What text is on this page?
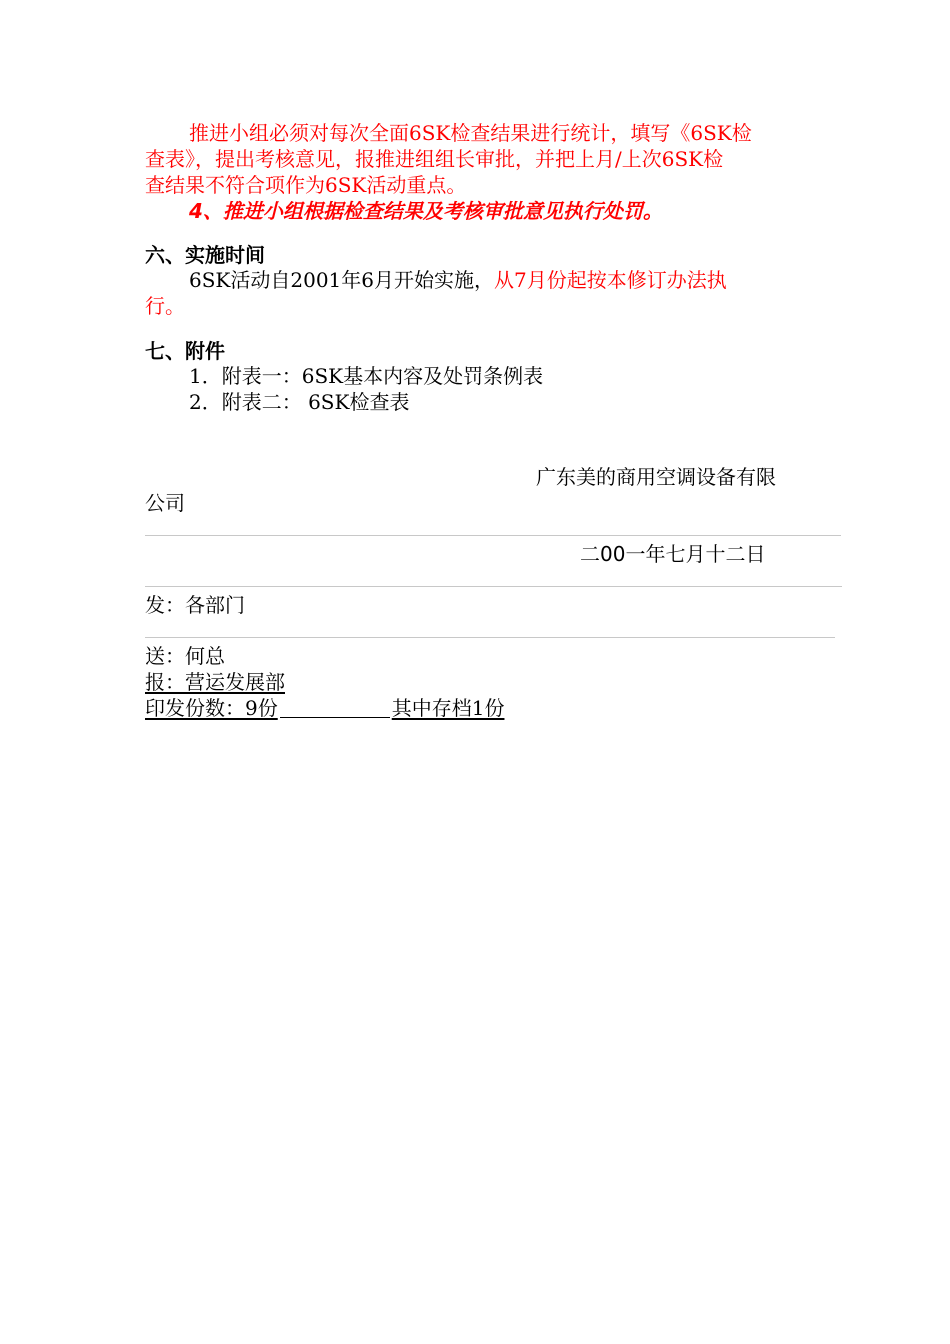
推进小组必须对每次全面6SK检查结果进行统计，填写《6SK检
查表》，提出考核意见，报推进组组长审批，并把上月/上次6SK检
查结果不符合项作为6SK活动重点。
4、推进小组根据检查结果及考核审批意见执行处罚。
六、实施时间
6SK活动自2001年6月开始实施，从7月份起按本修订办法执
行。
七、附件
1．附表一：6SK基本内容及处罚条例表
2．附表二： 6SK检查表
广东美的商用空调设备有限
公司
二00一年七月十二日
发：各部门
送：何总
报：营运发展部
印发份数：9份	其中存档1份
